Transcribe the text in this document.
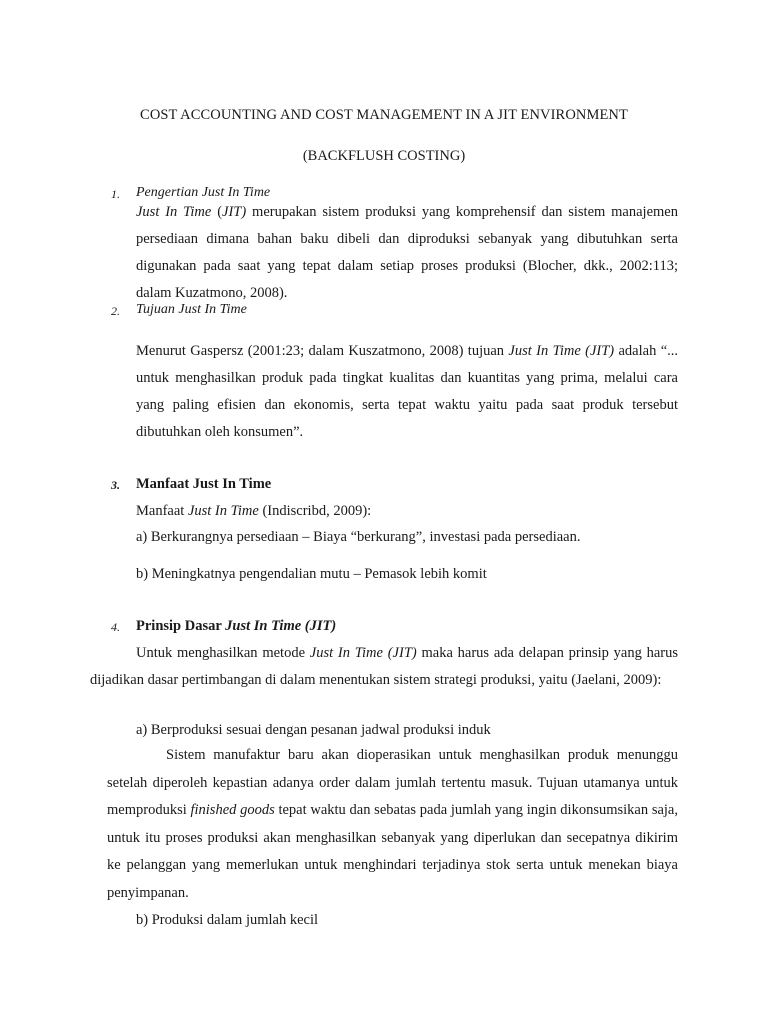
COST ACCOUNTING AND COST MANAGEMENT IN A JIT ENVIRONMENT
(BACKFLUSH COSTING)
1. Pengertian Just In Time
Just In Time (JIT) merupakan sistem produksi yang komprehensif dan sistem manajemen persediaan dimana bahan baku dibeli dan diproduksi sebanyak yang dibutuhkan serta digunakan pada saat yang tepat dalam setiap proses produksi (Blocher, dkk., 2002:113; dalam Kuzatmono, 2008).
2. Tujuan Just In Time
Menurut Gaspersz (2001:23; dalam Kuszatmono, 2008) tujuan Just In Time (JIT) adalah “... untuk menghasilkan produk pada tingkat kualitas dan kuantitas yang prima, melalui cara yang paling efisien dan ekonomis, serta tepat waktu yaitu pada saat produk tersebut dibutuhkan oleh konsumen”.
3. Manfaat Just In Time
Manfaat Just In Time (Indiscribd, 2009):
a) Berkurangnya persediaan – Biaya “berkurang”, investasi pada persediaan.
b) Meningkatnya pengendalian mutu – Pemasok lebih komit
4. Prinsip Dasar Just In Time (JIT)
Untuk menghasilkan metode Just In Time (JIT) maka harus ada delapan prinsip yang harus dijadikan dasar pertimbangan di dalam menentukan sistem strategi produksi, yaitu (Jaelani, 2009):
a) Berproduksi sesuai dengan pesanan jadwal produksi induk
Sistem manufaktur baru akan dioperasikan untuk menghasilkan produk menunggu setelah diperoleh kepastian adanya order dalam jumlah tertentu masuk. Tujuan utamanya untuk memproduksi finished goods tepat waktu dan sebatas pada jumlah yang ingin dikonsumsikan saja, untuk itu proses produksi akan menghasilkan sebanyak yang diperlukan dan secepatnya dikirim ke pelanggan yang memerlukan untuk menghindari terjadinya stok serta untuk menekan biaya penyimpanan.
b) Produksi dalam jumlah kecil
